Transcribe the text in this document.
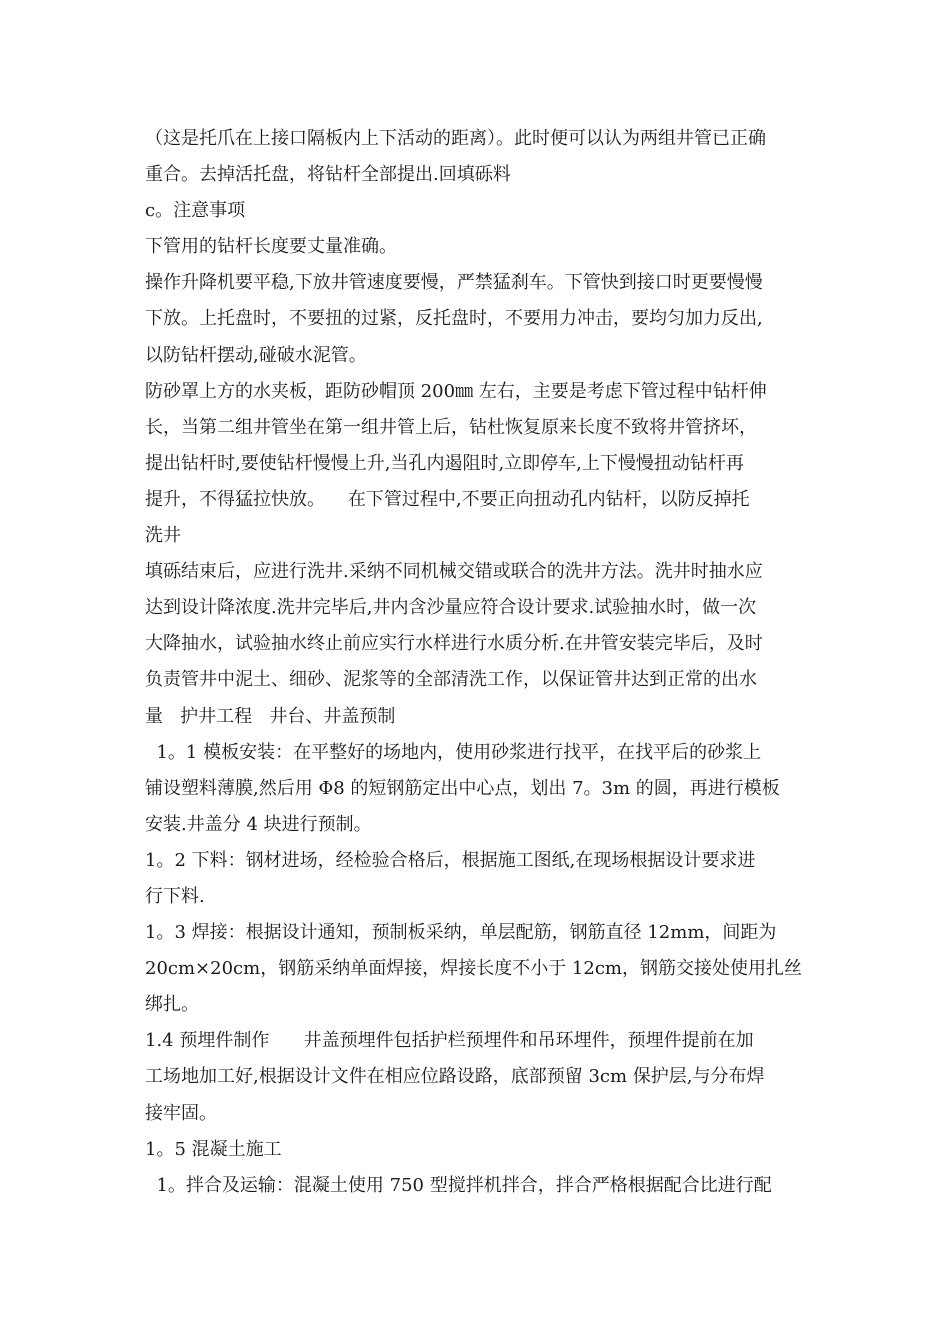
（这是托爪在上接口隔板内上下活动的距离）。此时便可以认为两组井管已正确
重合。去掉活托盘，将钻杆全部提出.回填砾料
c。注意事项
下管用的钻杆长度要丈量准确。
操作升降机要平稳,下放井管速度要慢，严禁猛刹车。下管快到接口时更要慢慢
下放。上托盘时，不要扭的过紧，反托盘时，不要用力冲击，要均匀加力反出,
以防钻杆摆动,碰破水泥管。
防砂罩上方的水夹板，距防砂帽顶 200㎜ 左右，主要是考虑下管过程中钻杆伸
长，当第二组井管坐在第一组井管上后，钻杜恢复原来长度不致将井管挤坏，
提出钻杆时,要使钻杆慢慢上升,当孔内遏阻时,立即停车,上下慢慢扭动钻杆再
提升，不得猛拉快放。    在下管过程中,不要正向扭动孔内钻杆，以防反掉托
洗井
填砾结束后，应进行洗井.采纳不同机械交错或联合的洗井方法。洗井时抽水应
达到设计降浓度.洗井完毕后,井内含沙量应符合设计要求.试验抽水时，做一次
大降抽水，试验抽水终止前应实行水样进行水质分析.在井管安装完毕后，及时
负责管井中泥土、细砂、泥浆等的全部清洗工作，以保证管井达到正常的出水
量   护井工程   井台、井盖预制
1。1 模板安装：在平整好的场地内，使用砂浆进行找平，在找平后的砂浆上
铺设塑料薄膜,然后用 Φ8 的短钢筋定出中心点，划出 7。3m 的圆，再进行模板
安装.井盖分 4 块进行预制。
1。2 下料：钢材进场，经检验合格后，根据施工图纸,在现场根据设计要求进
行下料.
1。3 焊接：根据设计通知，预制板采纳，单层配筋，钢筋直径 12mm，间距为
20cm×20cm，钢筋采纳单面焊接，焊接长度不小于 12cm，钢筋交接处使用扎丝
绑扎。
1.4 预埋件制作      井盖预埋件包括护栏预埋件和吊环埋件，预埋件提前在加
工场地加工好,根据设计文件在相应位路设路，底部预留 3cm 保护层,与分布焊
接牢固。
1。5 混凝土施工
1。拌合及运输：混凝土使用 750 型搅拌机拌合，拌合严格根据配合比进行配
